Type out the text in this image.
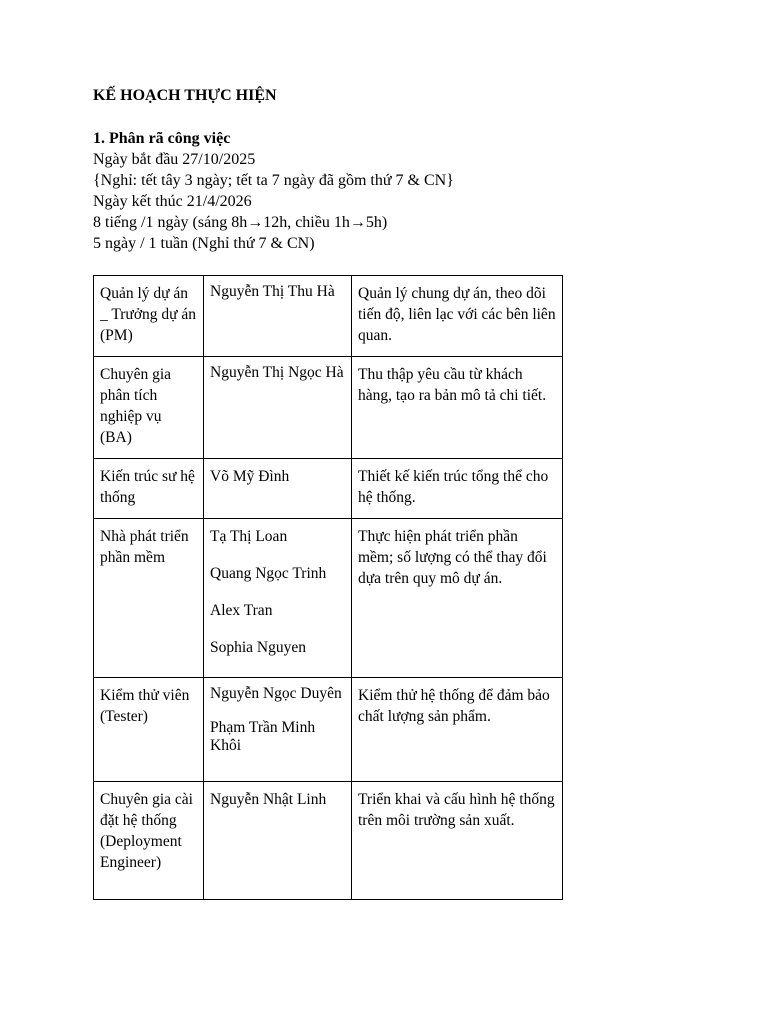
KẾ HOẠCH THỰC HIỆN

1. Phân rã công việc

Ngày bắt đầu 27/10/2025

{Nghỉ: tết tây 3 ngày; tết ta 7 ngày đã gồm thứ 7 & CN}

Ngày kết thúc 21/4/2026

8 tiếng /1 ngày (sáng 8h→12h, chiều 1h→5h)

5 ngày / 1 tuần (Nghỉ thứ 7 & CN)

Quản lý dự án _ Trưởng dự án (PM)	Nguyễn Thị Thu Hà	Quản lý chung dự án, theo dõi tiến độ, liên lạc với các bên liên quan.

Chuyên gia phân tích nghiệp vụ (BA)	Nguyễn Thị Ngọc Hà	Thu thập yêu cầu từ khách hàng, tạo ra bản mô tả chi tiết.

Kiến trúc sư hệ thống	Võ Mỹ Đình	Thiết kế kiến trúc tổng thể cho hệ thống.

Nhà phát triển phần mềm	Tạ Thị Loan
Quang Ngọc Trinh
Alex Tran
Sophia Nguyen	Thực hiện phát triển phần mềm; số lượng có thể thay đổi dựa trên quy mô dự án.

Kiểm thử viên (Tester)	Nguyễn Ngọc Duyên
Phạm Trần Minh Khôi	Kiểm thử hệ thống để đảm bảo chất lượng sản phẩm.

Chuyên gia cài đặt hệ thống (Deployment Engineer)	Nguyễn Nhật Linh	Triển khai và cấu hình hệ thống trên môi trường sản xuất.
